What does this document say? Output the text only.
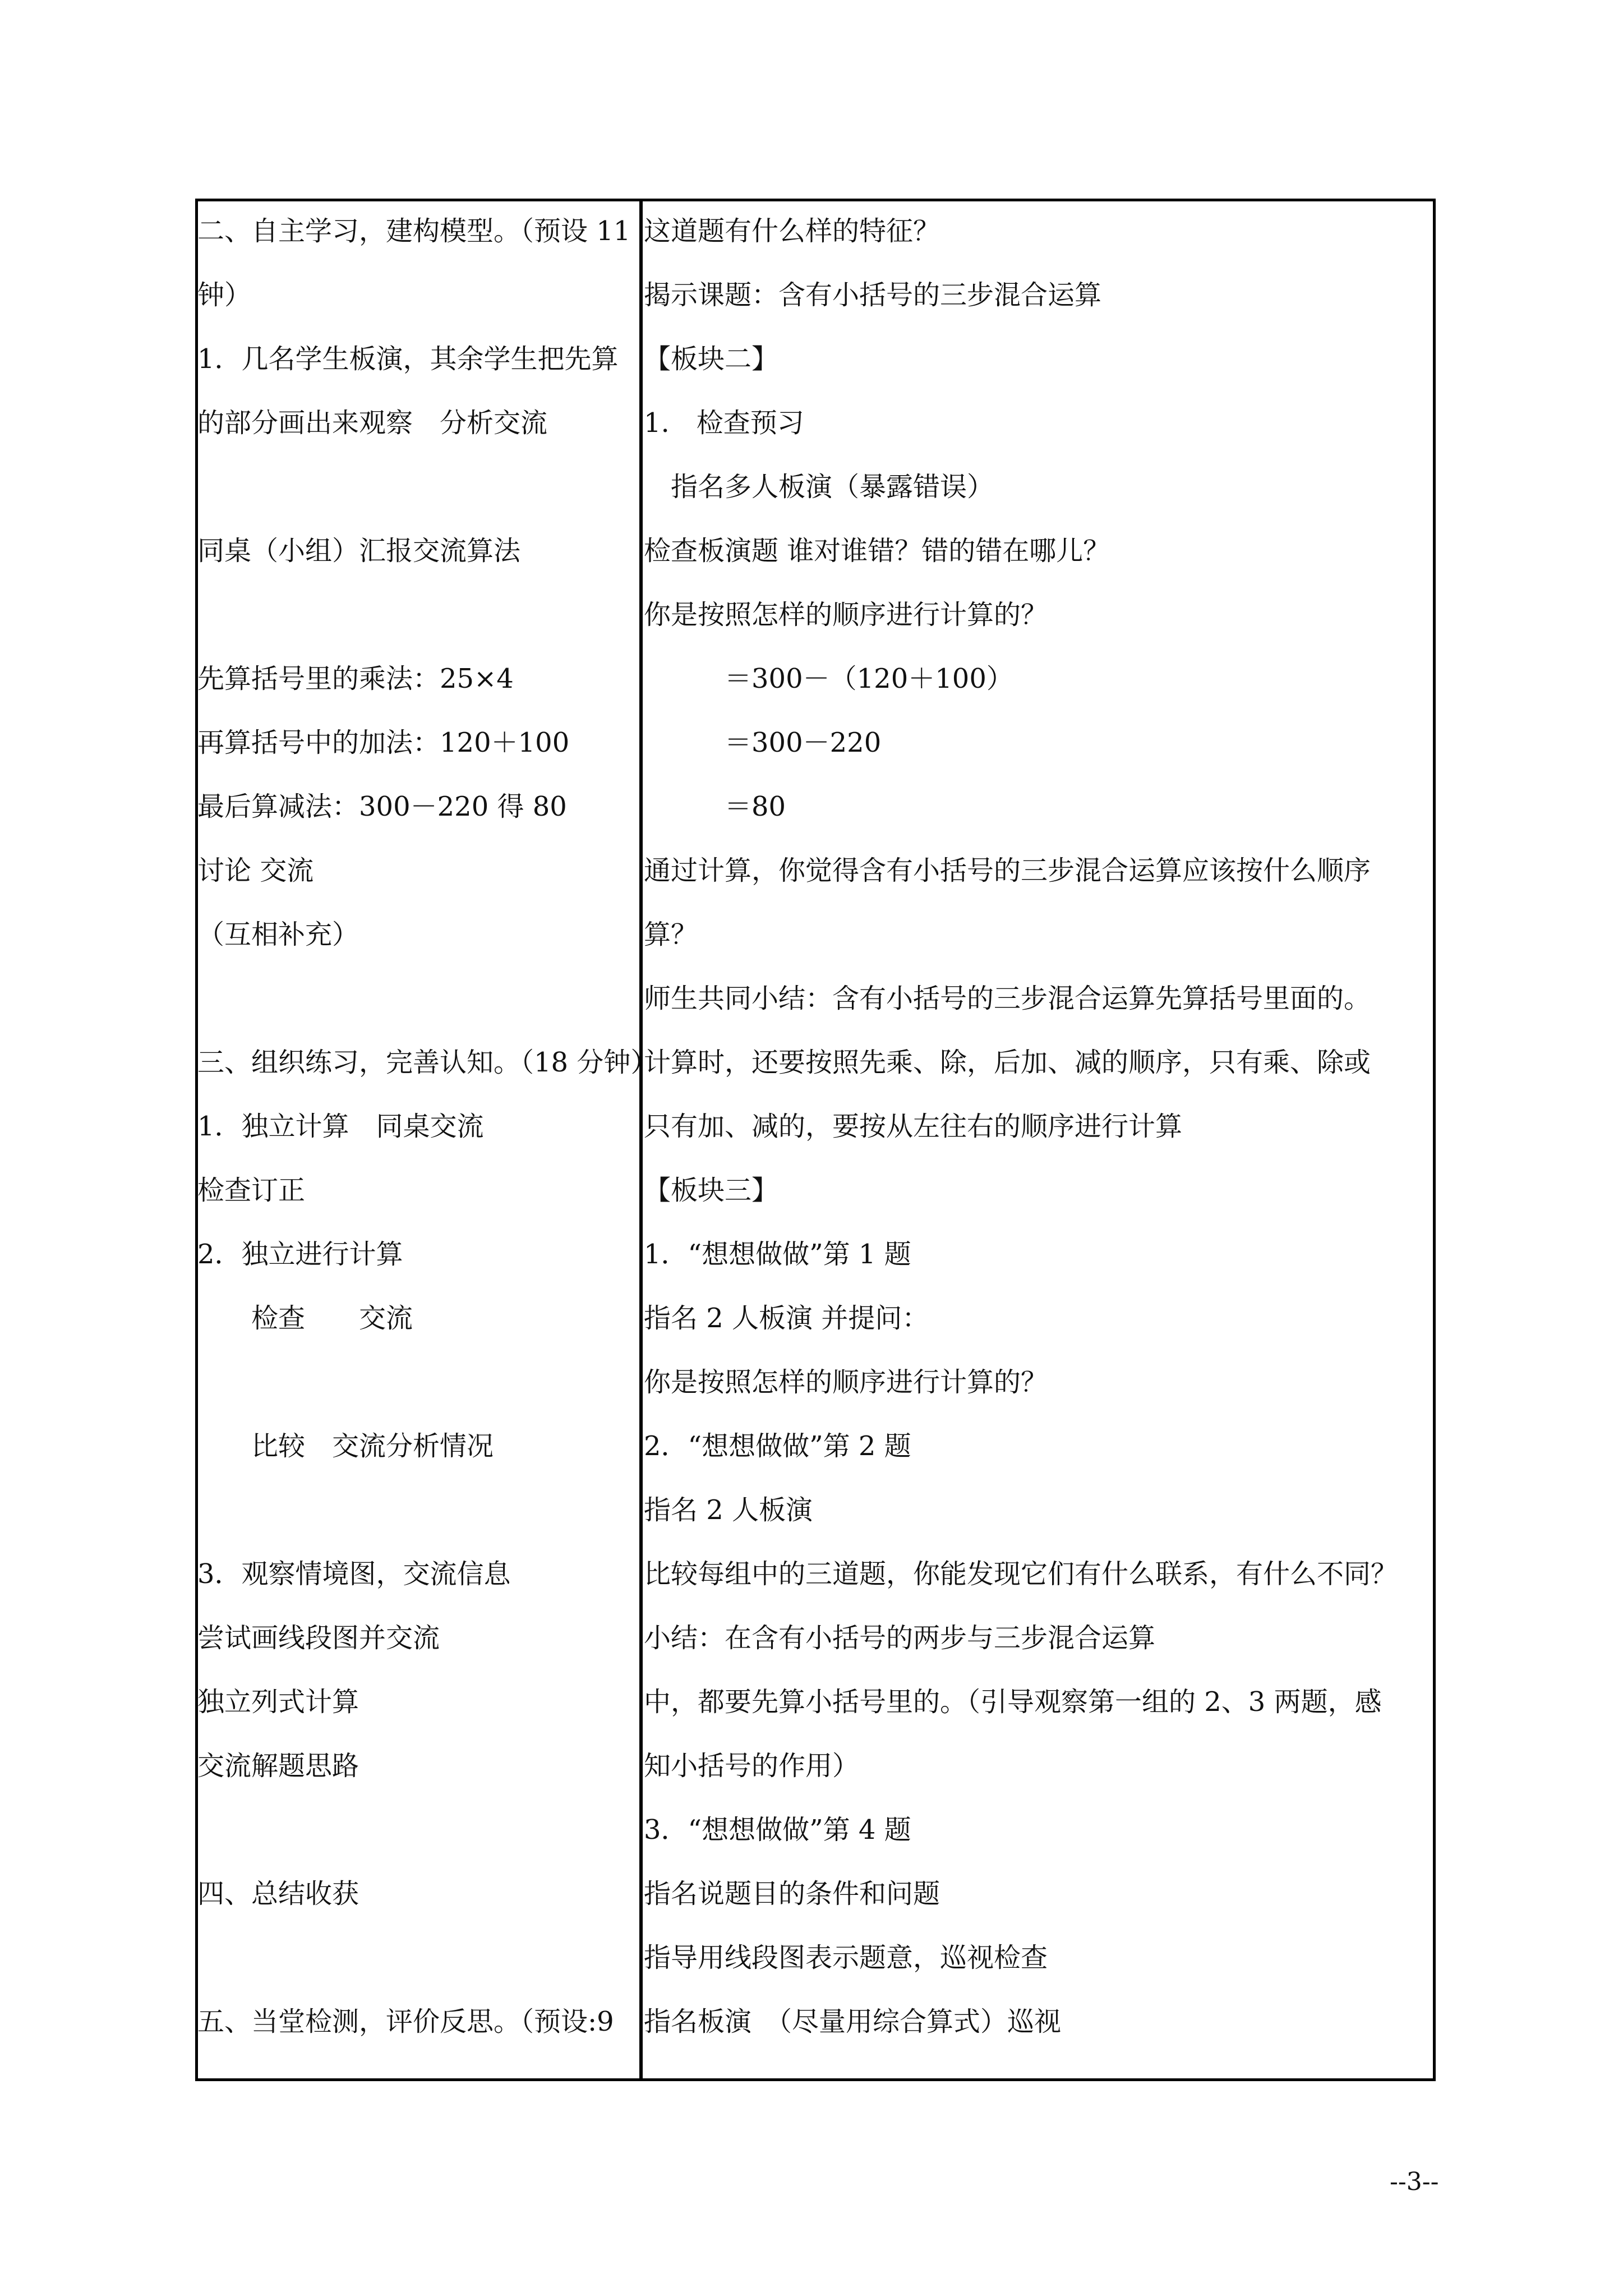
二、自主学习，建构模型。（预设 11
钟）
1．几名学生板演，其余学生把先算
的部分画出来观察　分析交流
同桌（小组）汇报交流算法
先算括号里的乘法：25×4
再算括号中的加法：120＋100
最后算减法：300－220 得 80
讨论 交流
（互相补充）
三、组织练习，完善认知。（18 分钟）
1．独立计算　同桌交流
检查订正
2．独立进行计算
　　检查　　交流
　　比较　交流分析情况
3．观察情境图，交流信息
尝试画线段图并交流
独立列式计算
交流解题思路
四、总结收获
五、当堂检测，评价反思。（预设:9
这道题有什么样的特征？
揭示课题：含有小括号的三步混合运算
【板块二】
1.　检查预习
　指名多人板演（暴露错误）
检查板演题 谁对谁错？错的错在哪儿？
你是按照怎样的顺序进行计算的？
　　　＝300－（120＋100）
　　　＝300－220
　　　＝80
通过计算，你觉得含有小括号的三步混合运算应该按什么顺序
算？
师生共同小结：含有小括号的三步混合运算先算括号里面的。
计算时，还要按照先乘、除，后加、减的顺序，只有乘、除或
只有加、减的，要按从左往右的顺序进行计算
【板块三】
1．“想想做做”第 1 题
指名 2 人板演 并提问：
你是按照怎样的顺序进行计算的？
2．“想想做做”第 2 题
指名 2 人板演
比较每组中的三道题，你能发现它们有什么联系，有什么不同？
小结：在含有小括号的两步与三步混合运算
中，都要先算小括号里的。（引导观察第一组的 2、3 两题，感
知小括号的作用）
3．“想想做做”第 4 题
指名说题目的条件和问题
指导用线段图表示题意，巡视检查
指名板演　（尽量用综合算式）巡视
--3--
